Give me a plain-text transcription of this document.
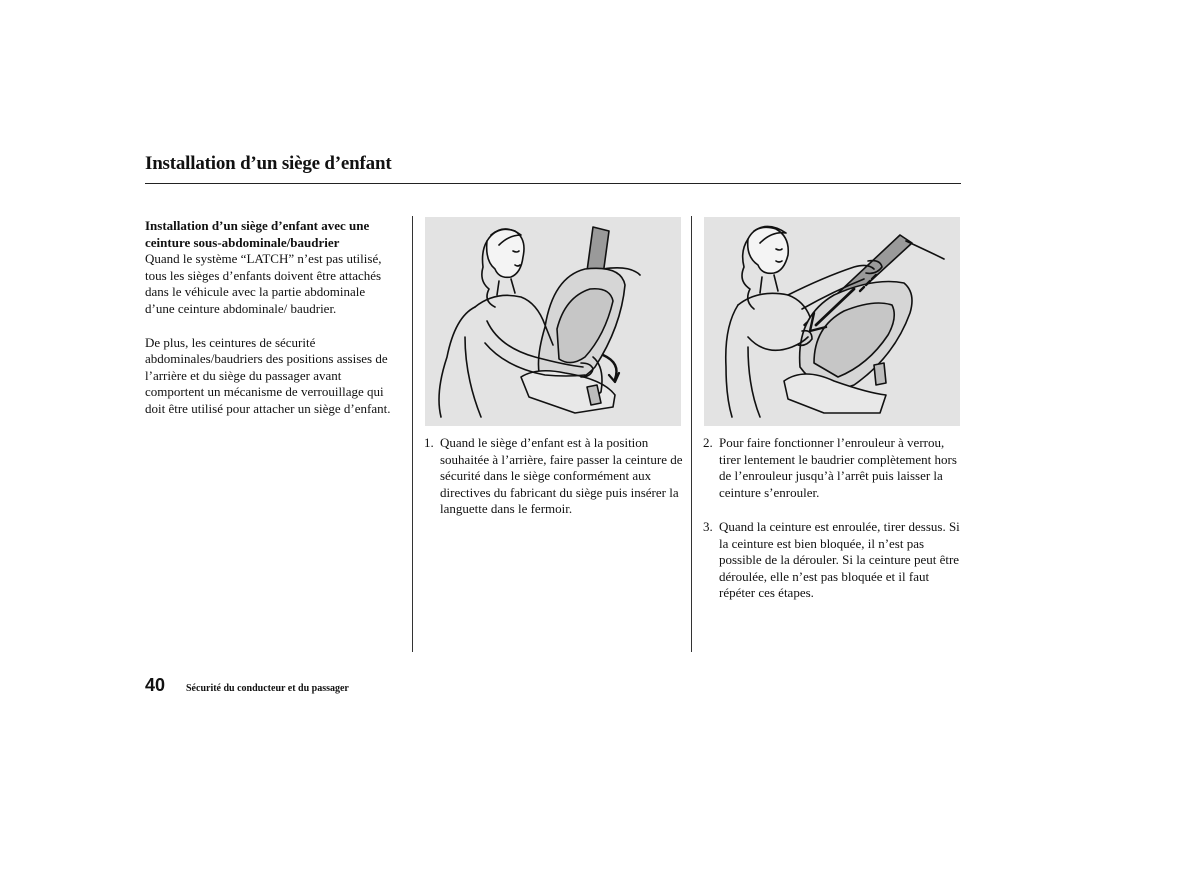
Installation d’un siège d’enfant
Installation d’un siège d’enfant avec une
ceinture sous-abdominale/baudrier

Quand le système “LATCH” n’est pas utilisé, tous les sièges d’enfants doivent être attachés dans le véhicule avec la partie abdominale d’une ceinture abdominale/ baudrier.

De plus, les ceintures de sécurité abdominales/baudriers des positions assises de l’arrière et du siège du passager avant comportent un mécanisme de verrouillage qui doit être utilisé pour attacher un siège d’enfant.

1. Quand le siège d’enfant est à la position souhaitée à l’arrière, faire passer la ceinture de sécurité dans le siège conformément aux directives du fabricant du siège puis insérer la languette dans le fermoir.
2. Pour faire fonctionner l’enrouleur à verrou, tirer lentement le baudrier complètement hors de l’enrouleur jusqu’à l’arrêt puis laisser la ceinture s’enrouler.
3. Quand la ceinture est enroulée, tirer dessus. Si la ceinture est bien bloquée, il n’est pas possible de la dérouler. Si la ceinture peut être déroulée, elle n’est pas bloquée et il faut répéter ces étapes.
40 Sécurité du conducteur et du passager
